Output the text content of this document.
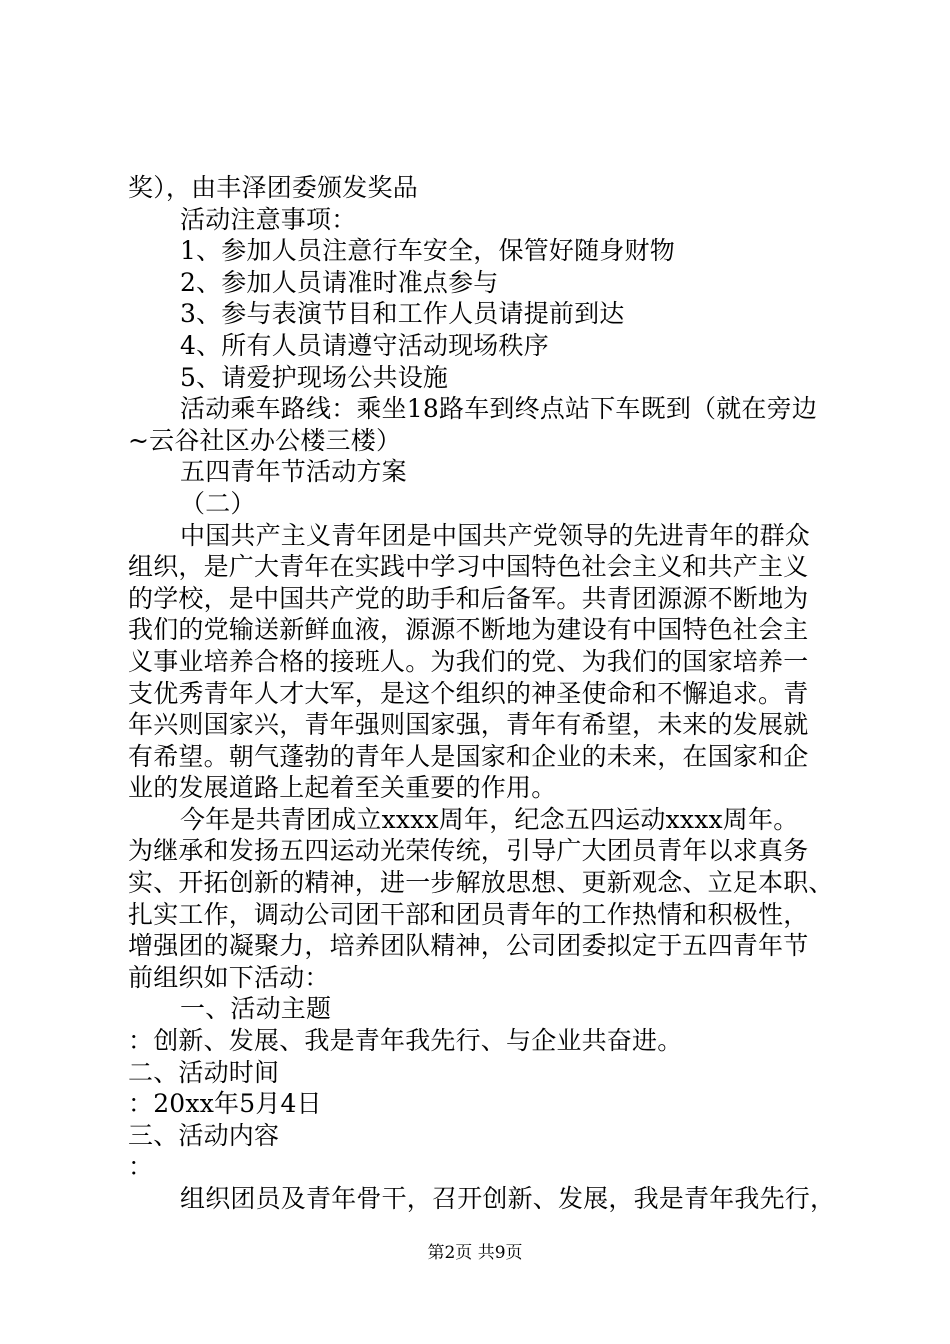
奖），由丰泽团委颁发奖品
活动注意事项：
1、参加人员注意行车安全，保管好随身财物
2、参加人员请准时准点参与
3、参与表演节目和工作人员请提前到达
4、所有人员请遵守活动现场秩序
5、请爱护现场公共设施
活动乘车路线：乘坐18路车到终点站下车既到（就在旁边
~云谷社区办公楼三楼）
五四青年节活动方案
（二）
中国共产主义青年团是中国共产党领导的先进青年的群众
组织，是广大青年在实践中学习中国特色社会主义和共产主义
的学校，是中国共产党的助手和后备军。共青团源源不断地为
我们的党输送新鲜血液，源源不断地为建设有中国特色社会主
义事业培养合格的接班人。为我们的党、为我们的国家培养一
支优秀青年人才大军，是这个组织的神圣使命和不懈追求。青
年兴则国家兴，青年强则国家强，青年有希望，未来的发展就
有希望。朝气蓬勃的青年人是国家和企业的未来，在国家和企
业的发展道路上起着至关重要的作用。
今年是共青团成立xxxx周年，纪念五四运动xxxx周年。
为继承和发扬五四运动光荣传统，引导广大团员青年以求真务
实、开拓创新的精神，进一步解放思想、更新观念、立足本职、
扎实工作，调动公司团干部和团员青年的工作热情和积极性，
增强团的凝聚力，培养团队精神，公司团委拟定于五四青年节
前组织如下活动：
一、活动主题
：创新、发展、我是青年我先行、与企业共奋进。
二、活动时间
：20xx年5月4日
三、活动内容
：
组织团员及青年骨干，召开创新、发展，我是青年我先行，
第2页 共9页
